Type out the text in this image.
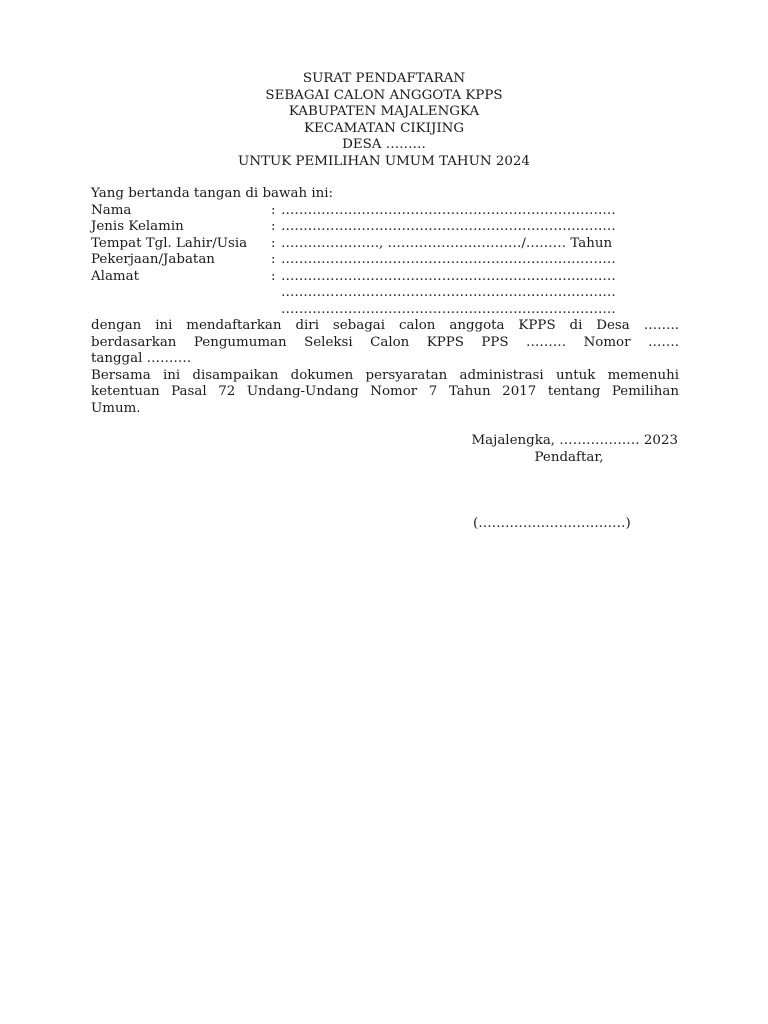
SURAT PENDAFTARAN
SEBAGAI CALON ANGGOTA KPPS
KABUPATEN MAJALENGKA
KECAMATAN CIKIJING
DESA ………
UNTUK PEMILIHAN UMUM TAHUN 2024
Yang bertanda tangan di bawah ini:
Nama	: …………………………………………………………………
Jenis Kelamin	: …………………………………………………………………
Tempat Tgl. Lahir/Usia	: …………………., …………………………/……… Tahun
Pekerjaan/Jabatan	: …………………………………………………………………
Alamat	: …………………………………………………………………
…………………………………………………………………
…………………………………………………………………
dengan ini mendaftarkan diri sebagai calon anggota KPPS di Desa ……..
berdasarkan Pengumuman Seleksi Calon KPPS PPS ……… Nomor …….
tanggal ……….
Bersama ini disampaikan dokumen persyaratan administrasi untuk memenuhi
ketentuan Pasal 72 Undang-Undang Nomor 7 Tahun 2017 tentang Pemilihan
Umum.
Majalengka, ……………… 2023
Pendaftar,
(……………………………)
